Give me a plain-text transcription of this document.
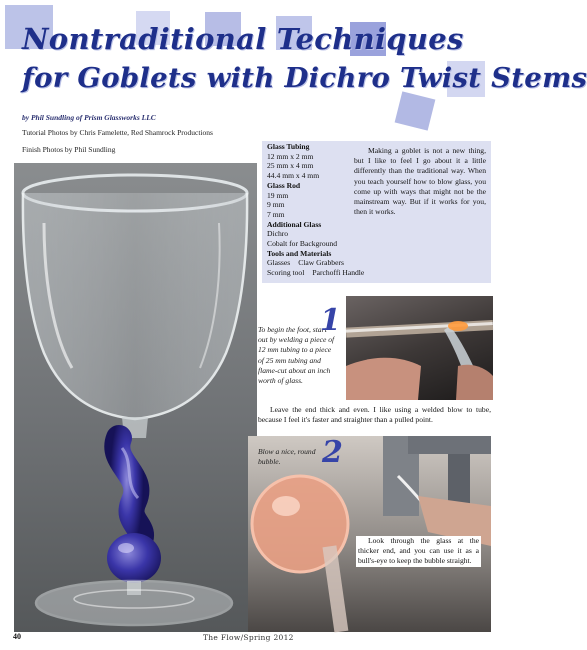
Nontraditional Techniques
for Goblets with Dichro Twist Stems
by Phil Sundling of Prism Glassworks LLC
Tutorial Photos by Chris Famelette, Red Shamrock Productions
Finish Photos by Phil Sundling	Glass Tubing
12 mm x 2 mm
25 mm x 4 mm
44.4 mm x 4 mm
Glass Rod
19 mm
9 mm
7 mm
Additional Glass
Dichro
Cobalt for Background
Tools and Materials
Glasses Claw Grabbers
Scoring tool Parchoffi Handle
Making a goblet is not a new thing, but I like to feel I go about it a little differently than the traditional way. When you teach yourself how to blow glass, you come up with ways that might not be the mainstream way. But if it works for you, then it works.
To begin the foot, start out by welding a piece of 12 mm tubing to a piece of 25 mm tubing and flame-cut about an inch worth of glass.
1
Leave the end thick and even. I like using a welded blow to tube, because I feel it's faster and straighter than a pulled point.
Blow a nice, round bubble.	2
Look through the glass at the thicker end, and you can use it as a bull's-eye to keep the bubble straight.
40	The Flow/Spring 2012
